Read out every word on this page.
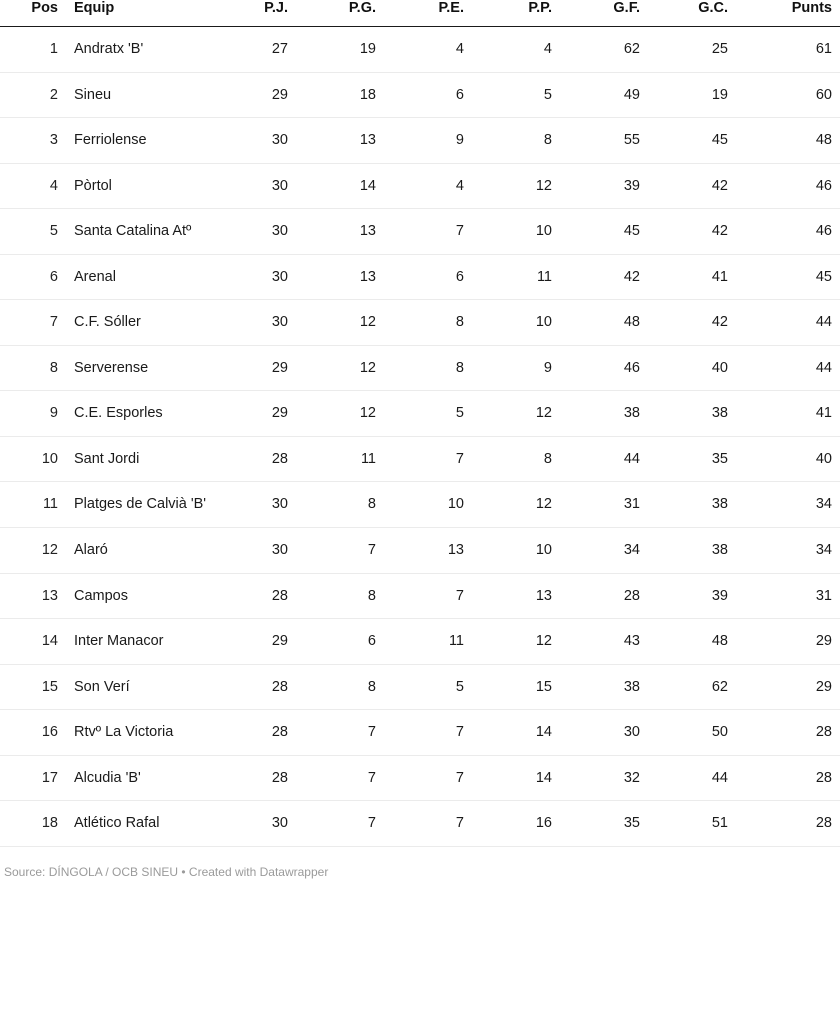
Pos	Equip	P.J.	P.G.	P.E.	P.P.	G.F.	G.C.	Punts
1	Andratx 'B'	27	19	4	4	62	25	61
2	Sineu	29	18	6	5	49	19	60
3	Ferriolense	30	13	9	8	55	45	48
4	Pòrtol	30	14	4	12	39	42	46
5	Santa Catalina Atº	30	13	7	10	45	42	46
6	Arenal	30	13	6	11	42	41	45
7	C.F. Sóller	30	12	8	10	48	42	44
8	Serverense	29	12	8	9	46	40	44
9	C.E. Esporles	29	12	5	12	38	38	41
10	Sant Jordi	28	11	7	8	44	35	40
11	Platges de Calvià 'B'	30	8	10	12	31	38	34
12	Alaró	30	7	13	10	34	38	34
13	Campos	28	8	7	13	28	39	31
14	Inter Manacor	29	6	11	12	43	48	29
15	Son Verí	28	8	5	15	38	62	29
16	Rtvº La Victoria	28	7	7	14	30	50	28
17	Alcudia 'B'	28	7	7	14	32	44	28
18	Atlético Rafal	30	7	7	16	35	51	28
Source: DÍNGOLA / OCB SINEU • Created with Datawrapper
